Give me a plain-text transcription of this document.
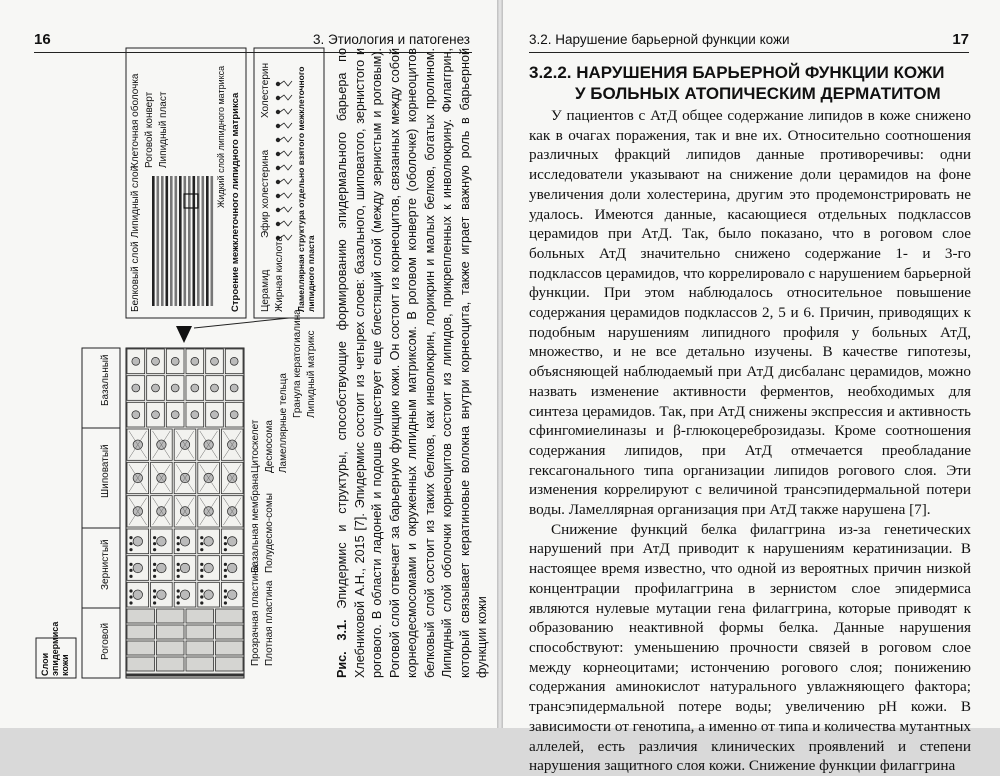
16	3. Этиология и патогенез
Слои эпидермиса кожи
Роговой
Зернистый
Шиповатый
Базальный
Прозрачная пластина Плотная пластина
Базальная мембрана Полудесмо-сомы
Цитоскелет Десмосома Ламеллярные тельца
Гранула кератогиалина Липидный матрикс
Белковый слой
Липидный слой
Клеточная оболочка Роговой конверт Липидный пласт	Жидкий слой липидного матрикса Строение межклеточного липидного матрикса Церамид Жирная кислота
Эфир холестерина
Холестерин	Ламеллярная структура отдельно взятого межклеточного липидного пласта
Рис. 3.1. Эпидермис и структуры, способствующие формированию эпидермального барьера по Хлебниковой А.Н., 2015 [7]. Эпидермис состоит из четырех слоев: базального, шиповатого, зернистого и рогового. В области ладоней и подошв существует еще блестящий слой (между зернистым и роговым). Роговой слой отвечает за барьерную функцию кожи. Он состоит из корнеоцитов, связанных между собой корнеодесмосомами и окруженных липидным матриксом. В роговом конверте (оболочке) корнеоцитов белковый слой состоит из таких белков, как инволюкрин, лорикрин и малых белков, богатых пролином. Липидный слой оболочки корнеоцитов состоит из липидов, прикрепленных к инволюкрину. Филаггрин, который связывает кератиновые волокна внутри корнеоцита, также играет важную роль в барьерной функции кожи
3.2. Нарушение барьерной функции кожи	17
3.2.2. НАРУШЕНИЯ БАРЬЕРНОЙ ФУНКЦИИ КОЖИ
У БОЛЬНЫХ АТОПИЧЕСКИМ ДЕРМАТИТОМ

У пациентов с АтД общее содержание липидов в коже снижено как в очагах поражения, так и вне их. Относительно соотношения различных фракций липидов данные противоречивы: одни исследователи указывают на снижение доли церамидов на фоне увеличения доли холестерина, другим это продемонстрировать не удалось. Имеются данные, касающиеся отдельных подклассов церамидов при АтД. Так, было показано, что в роговом слое больных АтД значительно снижено содержание 1- и 3-го подклассов церамидов, что коррелировало с нарушением барьерной функции. При этом наблюдалось относительное повышение содержания церамидов подклассов 2, 5 и 6. Причин, приводящих к подобным нарушениям липидного профиля у больных АтД, множество, и не все детально изучены. В качестве гипотезы, объясняющей наблюдаемый при АтД дисбаланс церамидов, можно назвать изменение активности ферментов, необходимых для синтеза церамидов. Так, при АтД снижены экспрессия и активность сфингомиелиназы и β-глюкоцереброзидазы. Кроме соотношения содержания липидов, при АтД отмечается преобладание гексагонального типа организации липидов рогового слоя. Эти изменения коррелируют с величиной трансэпидермальной потери воды. Ламеллярная организация при АтД также нарушена [7].

Снижение функций белка филаггрина из-за генетических нарушений при АтД приводит к нарушениям кератинизации. В настоящее время известно, что одной из вероятных причин низкой концентрации профилаггрина в зернистом слое эпидермиса являются нулевые мутации гена филаггрина, которые приводят к образованию неактивной формы белка. Данные нарушения способствуют: уменьшению прочности связей в роговом слое между корнеоцитами; истончению рогового слоя; понижению содержания аминокислот натурального увлажняющего фактора; трансэпидермальной потере воды; увеличению pH кожи. В зависимости от генотипа, а именно от типа и количества мутантных аллелей, есть различия клинических проявлений и степени нарушения защитного слоя кожи. Снижение функции филаггрина
